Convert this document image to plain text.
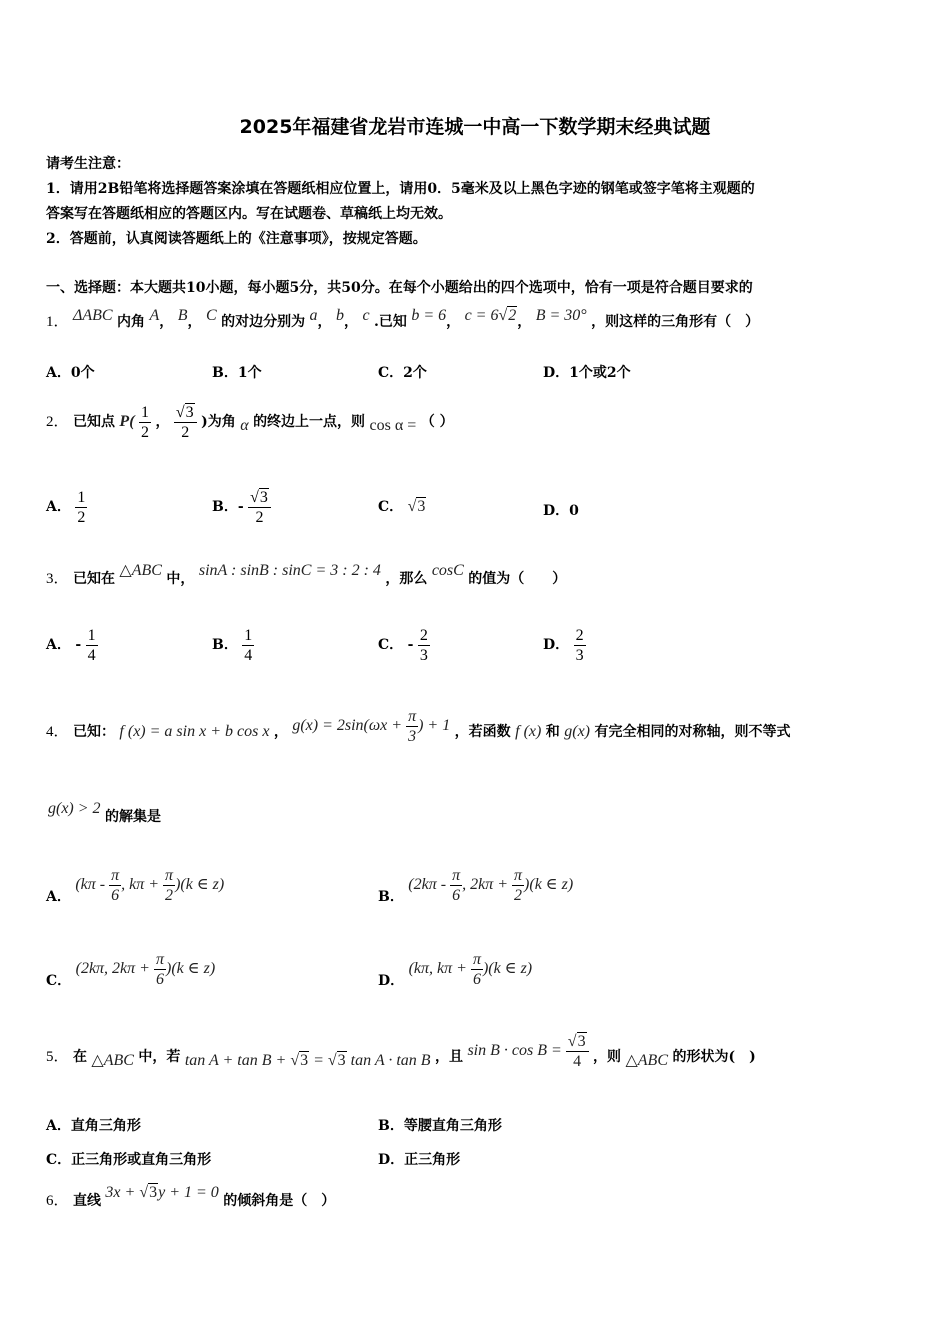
2025年福建省龙岩市连城一中高一下数学期末经典试题
请考生注意：
1．请用2B铅笔将选择题答案涂填在答题纸相应位置上，请用0．5毫米及以上黑色字迹的钢笔或签字笔将主观题的
答案写在答题纸相应的答题区内。写在试题卷、草稿纸上均无效。
2．答题前，认真阅读答题纸上的《注意事项》，按规定答题。
一、选择题：本大题共10小题，每小题5分，共50分。在每个小题给出的四个选项中，恰有一项是符合题目要求的
1． ΔABC 内角 A， B， C 的对边分别为 a， b， c .已知 b = 6， c = 6√2， B = 30° ，则这样的三角形有（　）
A．0个	B．1个	C．2个	D．1个或2个
2． 已知点 $P( \frac{1}{2}$ ， $\frac{√3}{2}$ )为角 α 的终边上一点，则 cos α = （ ）
A． $\frac{1}{2}$	B．- $\frac{√3}{2}$	C． √3	D．0
3． 已知在 △ABC 中， sinA : sinB : sinC = 3 : 2 : 4 ，那么 cosC 的值为（　　）
A． - $\frac{1}{4}$	B． $\frac{1}{4}$	C． - $\frac{2}{3}$	D． $\frac{2}{3}$
4． 已知： f (x) = a sin x + b cos x ， $g(x) = 2\sin(\omega x + \frac{\pi}{3}$ ) + 1 ，若函数 f (x) 和 g(x) 有完全相同的对称轴，则不等式
g(x) > 2 的解集是
A． ($k\pi - \frac{\pi}{6}$ , $k\pi + \frac{\pi}{2} )(k$ ∈ z)
B． ($2k\pi - \frac{\pi}{6}$ , $2k\pi + \frac{\pi}{2} )(k$ ∈ z)
C． (2kπ, $2k\pi + \frac{\pi}{6} )(k$ ∈ z)
D． (kπ, $k\pi + \frac{\pi}{6} )(k$ ∈ z)
5． 在 △ABC 中，若 tan A + tan B + √3 = √3 tan A · tan B ，且 $\sin B \cdot \cos B = \frac{√3}{4}$ ，则 △ABC 的形状为(　)
A．直角三角形	B．等腰直角三角形
C．正三角形或直角三角形	D．正三角形
6． 直线 3x + √3y + 1 = 0 的倾斜角是（　）
